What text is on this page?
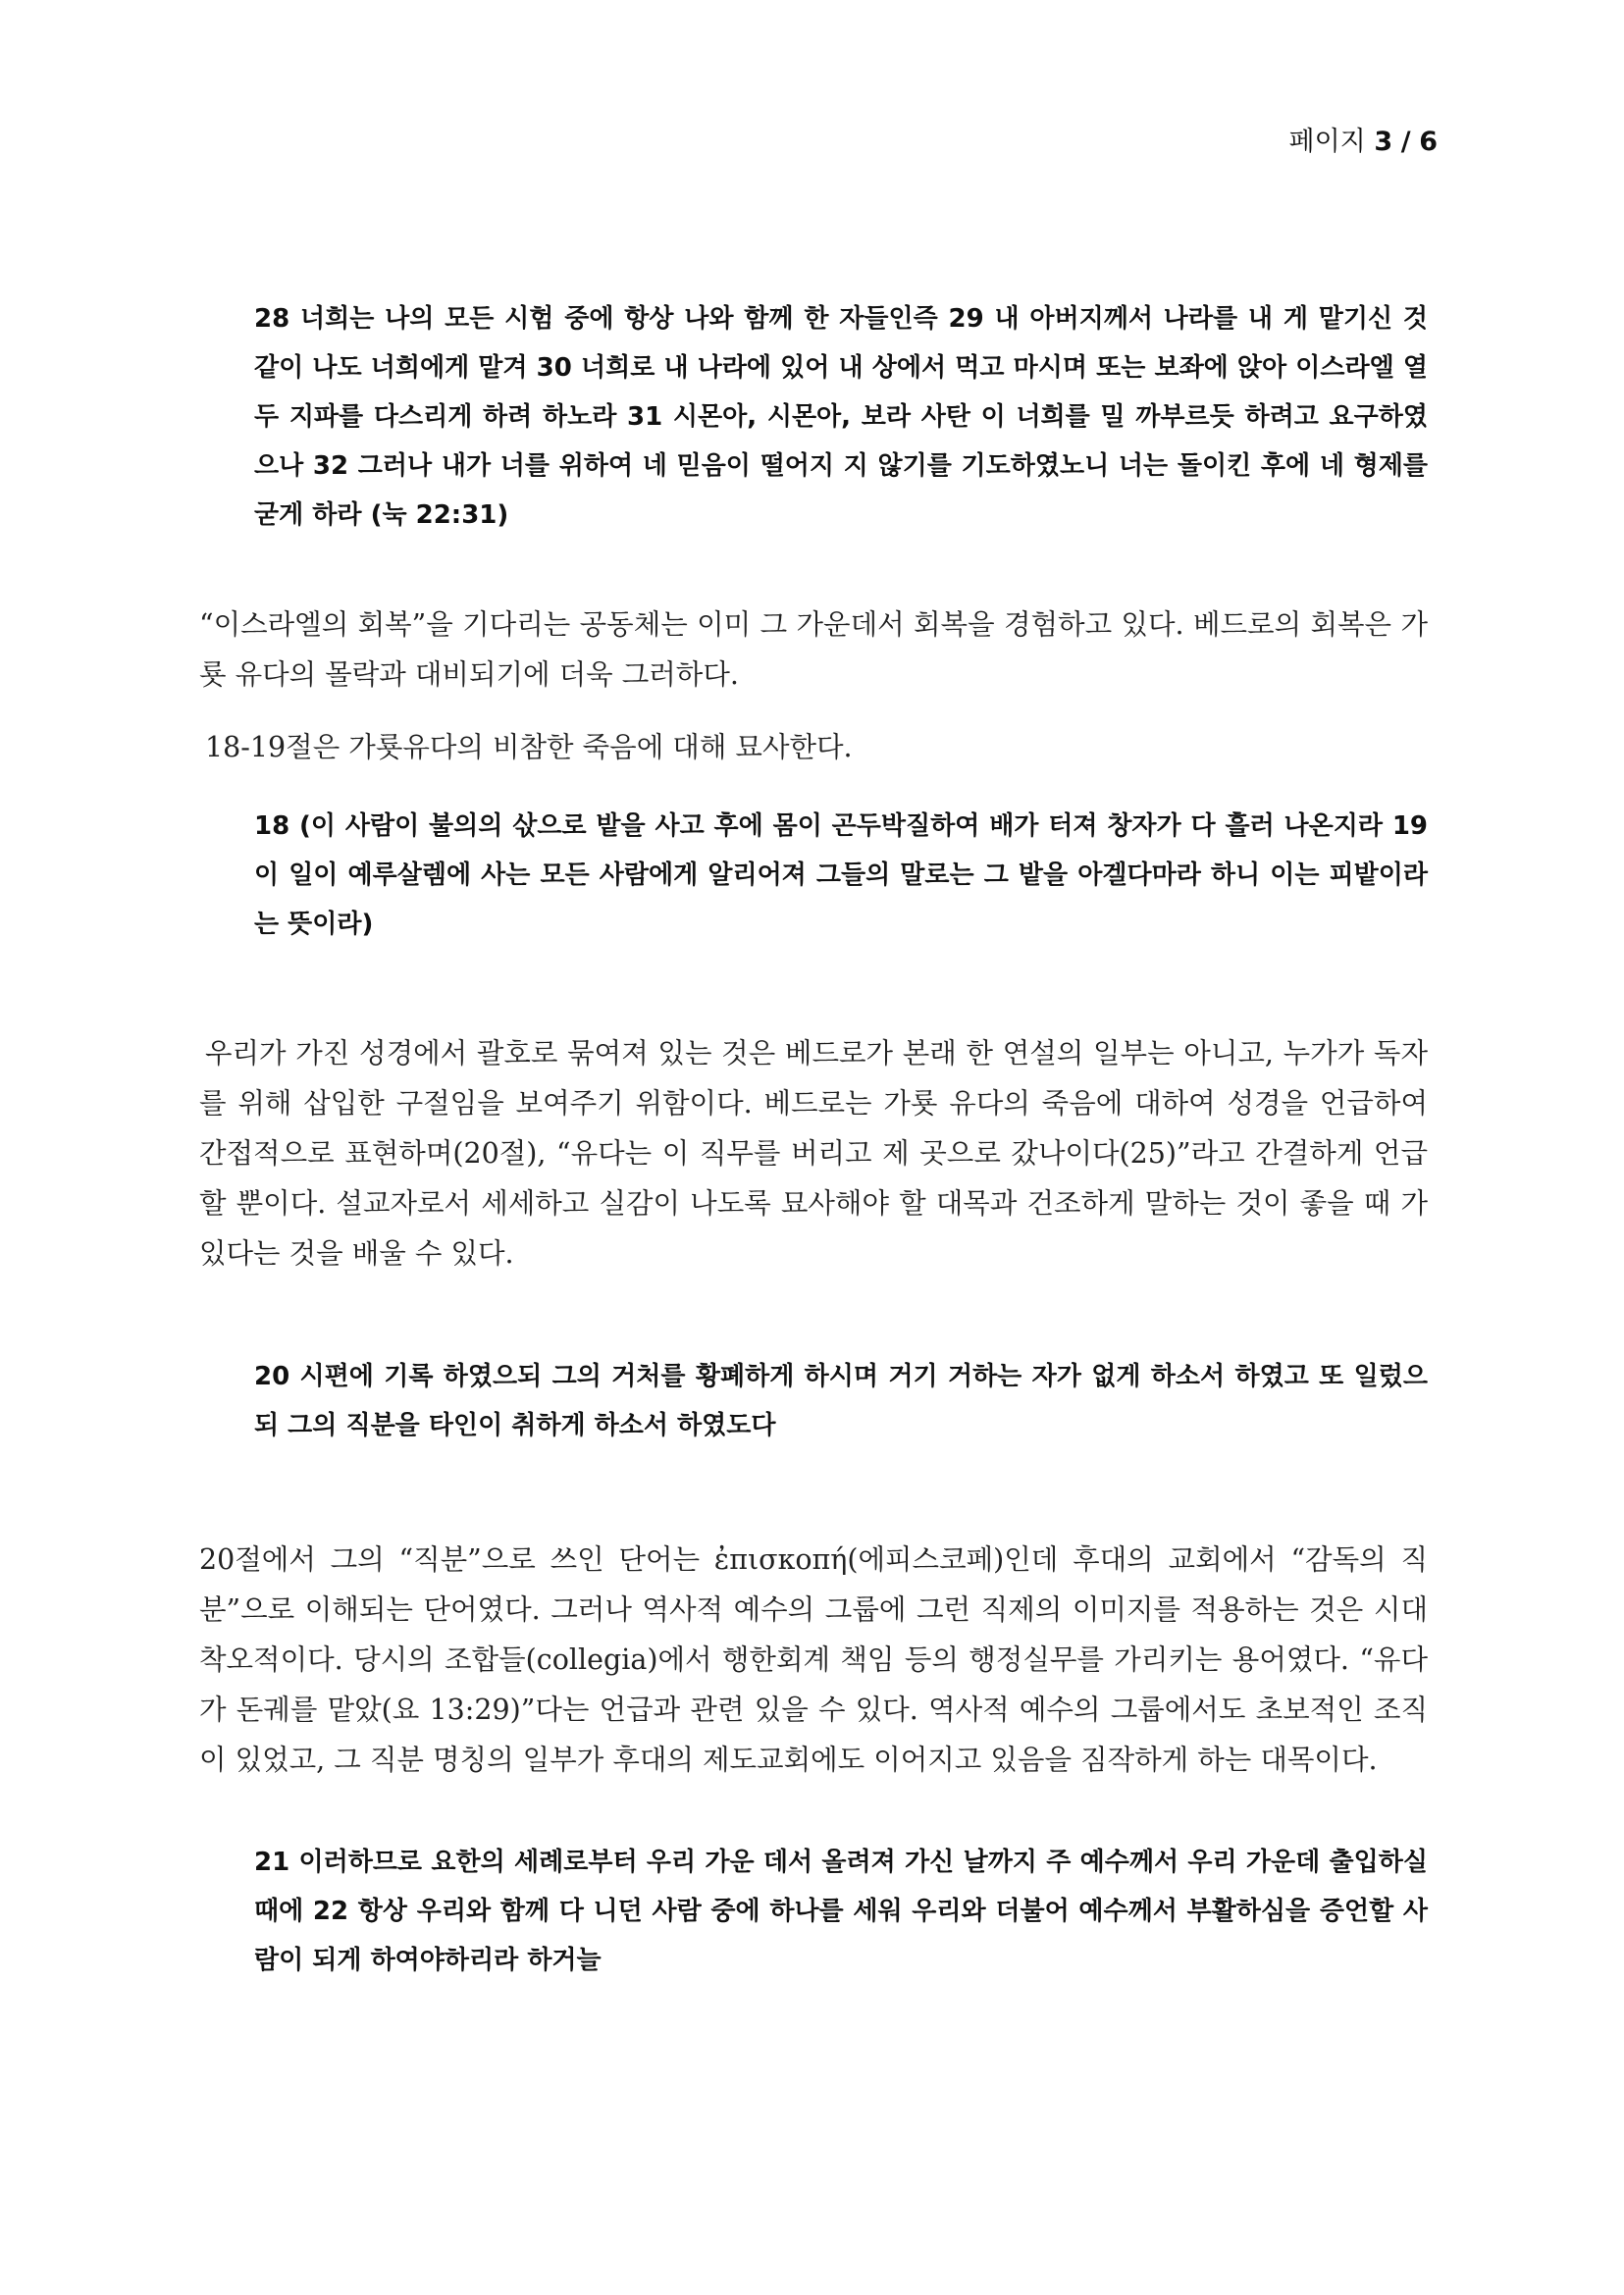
페이지 3 / 6
28 너희는 나의 모든 시험 중에 항상 나와 함께 한 자들인즉 29 내 아버지께서 나라를 내 게 맡기신 것 같이 나도 너희에게 맡겨 30 너희로 내 나라에 있어 내 상에서 먹고 마시며 또는 보좌에 앉아 이스라엘 열두 지파를 다스리게 하려 하노라 31 시몬아, 시몬아, 보라 사탄 이 너희를 밀 까부르듯 하려고 요구하였으나 32 그러나 내가 너를 위하여 네 믿음이 떨어지 지 않기를 기도하였노니 너는 돌이킨 후에 네 형제를 굳게 하라 (눅 22:31)
“이스라엘의 회복”을 기다리는 공동체는 이미 그 가운데서 회복을 경험하고 있다. 베드로의 회복은 가룟 유다의 몰락과 대비되기에 더욱 그러하다.
18-19절은 가룟유다의 비참한 죽음에 대해 묘사한다.
18 (이 사람이 불의의 삯으로 밭을 사고 후에 몸이 곤두박질하여 배가 터져 창자가 다 흘러 나온지라 19 이 일이 예루살렘에 사는 모든 사람에게 알리어져 그들의 말로는 그 밭을 아겔다마라 하니 이는 피밭이라는 뜻이라)
우리가 가진 성경에서 괄호로 묶여져 있는 것은 베드로가 본래 한 연설의 일부는 아니고, 누가가 독자를 위해 삽입한 구절임을 보여주기 위함이다. 베드로는 가룟 유다의 죽음에 대하여 성경을 언급하여 간접적으로 표현하며(20절), “유다는 이 직무를 버리고 제 곳으로 갔나이다(25)”라고 간결하게 언급할 뿐이다. 설교자로서 세세하고 실감이 나도록 묘사해야 할 대목과 건조하게 말하는 것이 좋을 때 가 있다는 것을 배울 수 있다.
20 시편에 기록 하였으되 그의 거처를 황폐하게 하시며 거기 거하는 자가 없게 하소서 하였고 또 일렀으되 그의 직분을 타인이 취하게 하소서 하였도다
20절에서 그의 “직분”으로 쓰인 단어는 ἐπισκοπή(에피스코페)인데 후대의 교회에서 “감독의 직분”으로 이해되는 단어였다. 그러나 역사적 예수의 그룹에 그런 직제의 이미지를 적용하는 것은 시대착오적이다. 당시의 조합들(collegia)에서 행한회계 책임 등의 행정실무를 가리키는 용어였다. “유다가 돈궤를 맡았(요 13:29)”다는 언급과 관련 있을 수 있다. 역사적 예수의 그룹에서도 초보적인 조직이 있었고, 그 직분 명칭의 일부가 후대의 제도교회에도 이어지고 있음을 짐작하게 하는 대목이다.
21 이러하므로 요한의 세례로부터 우리 가운 데서 올려져 가신 날까지 주 예수께서 우리 가운데 출입하실 때에 22 항상 우리와 함께 다 니던 사람 중에 하나를 세워 우리와 더불어 예수께서 부활하심을 증언할 사람이 되게 하여야하리라 하거늘
